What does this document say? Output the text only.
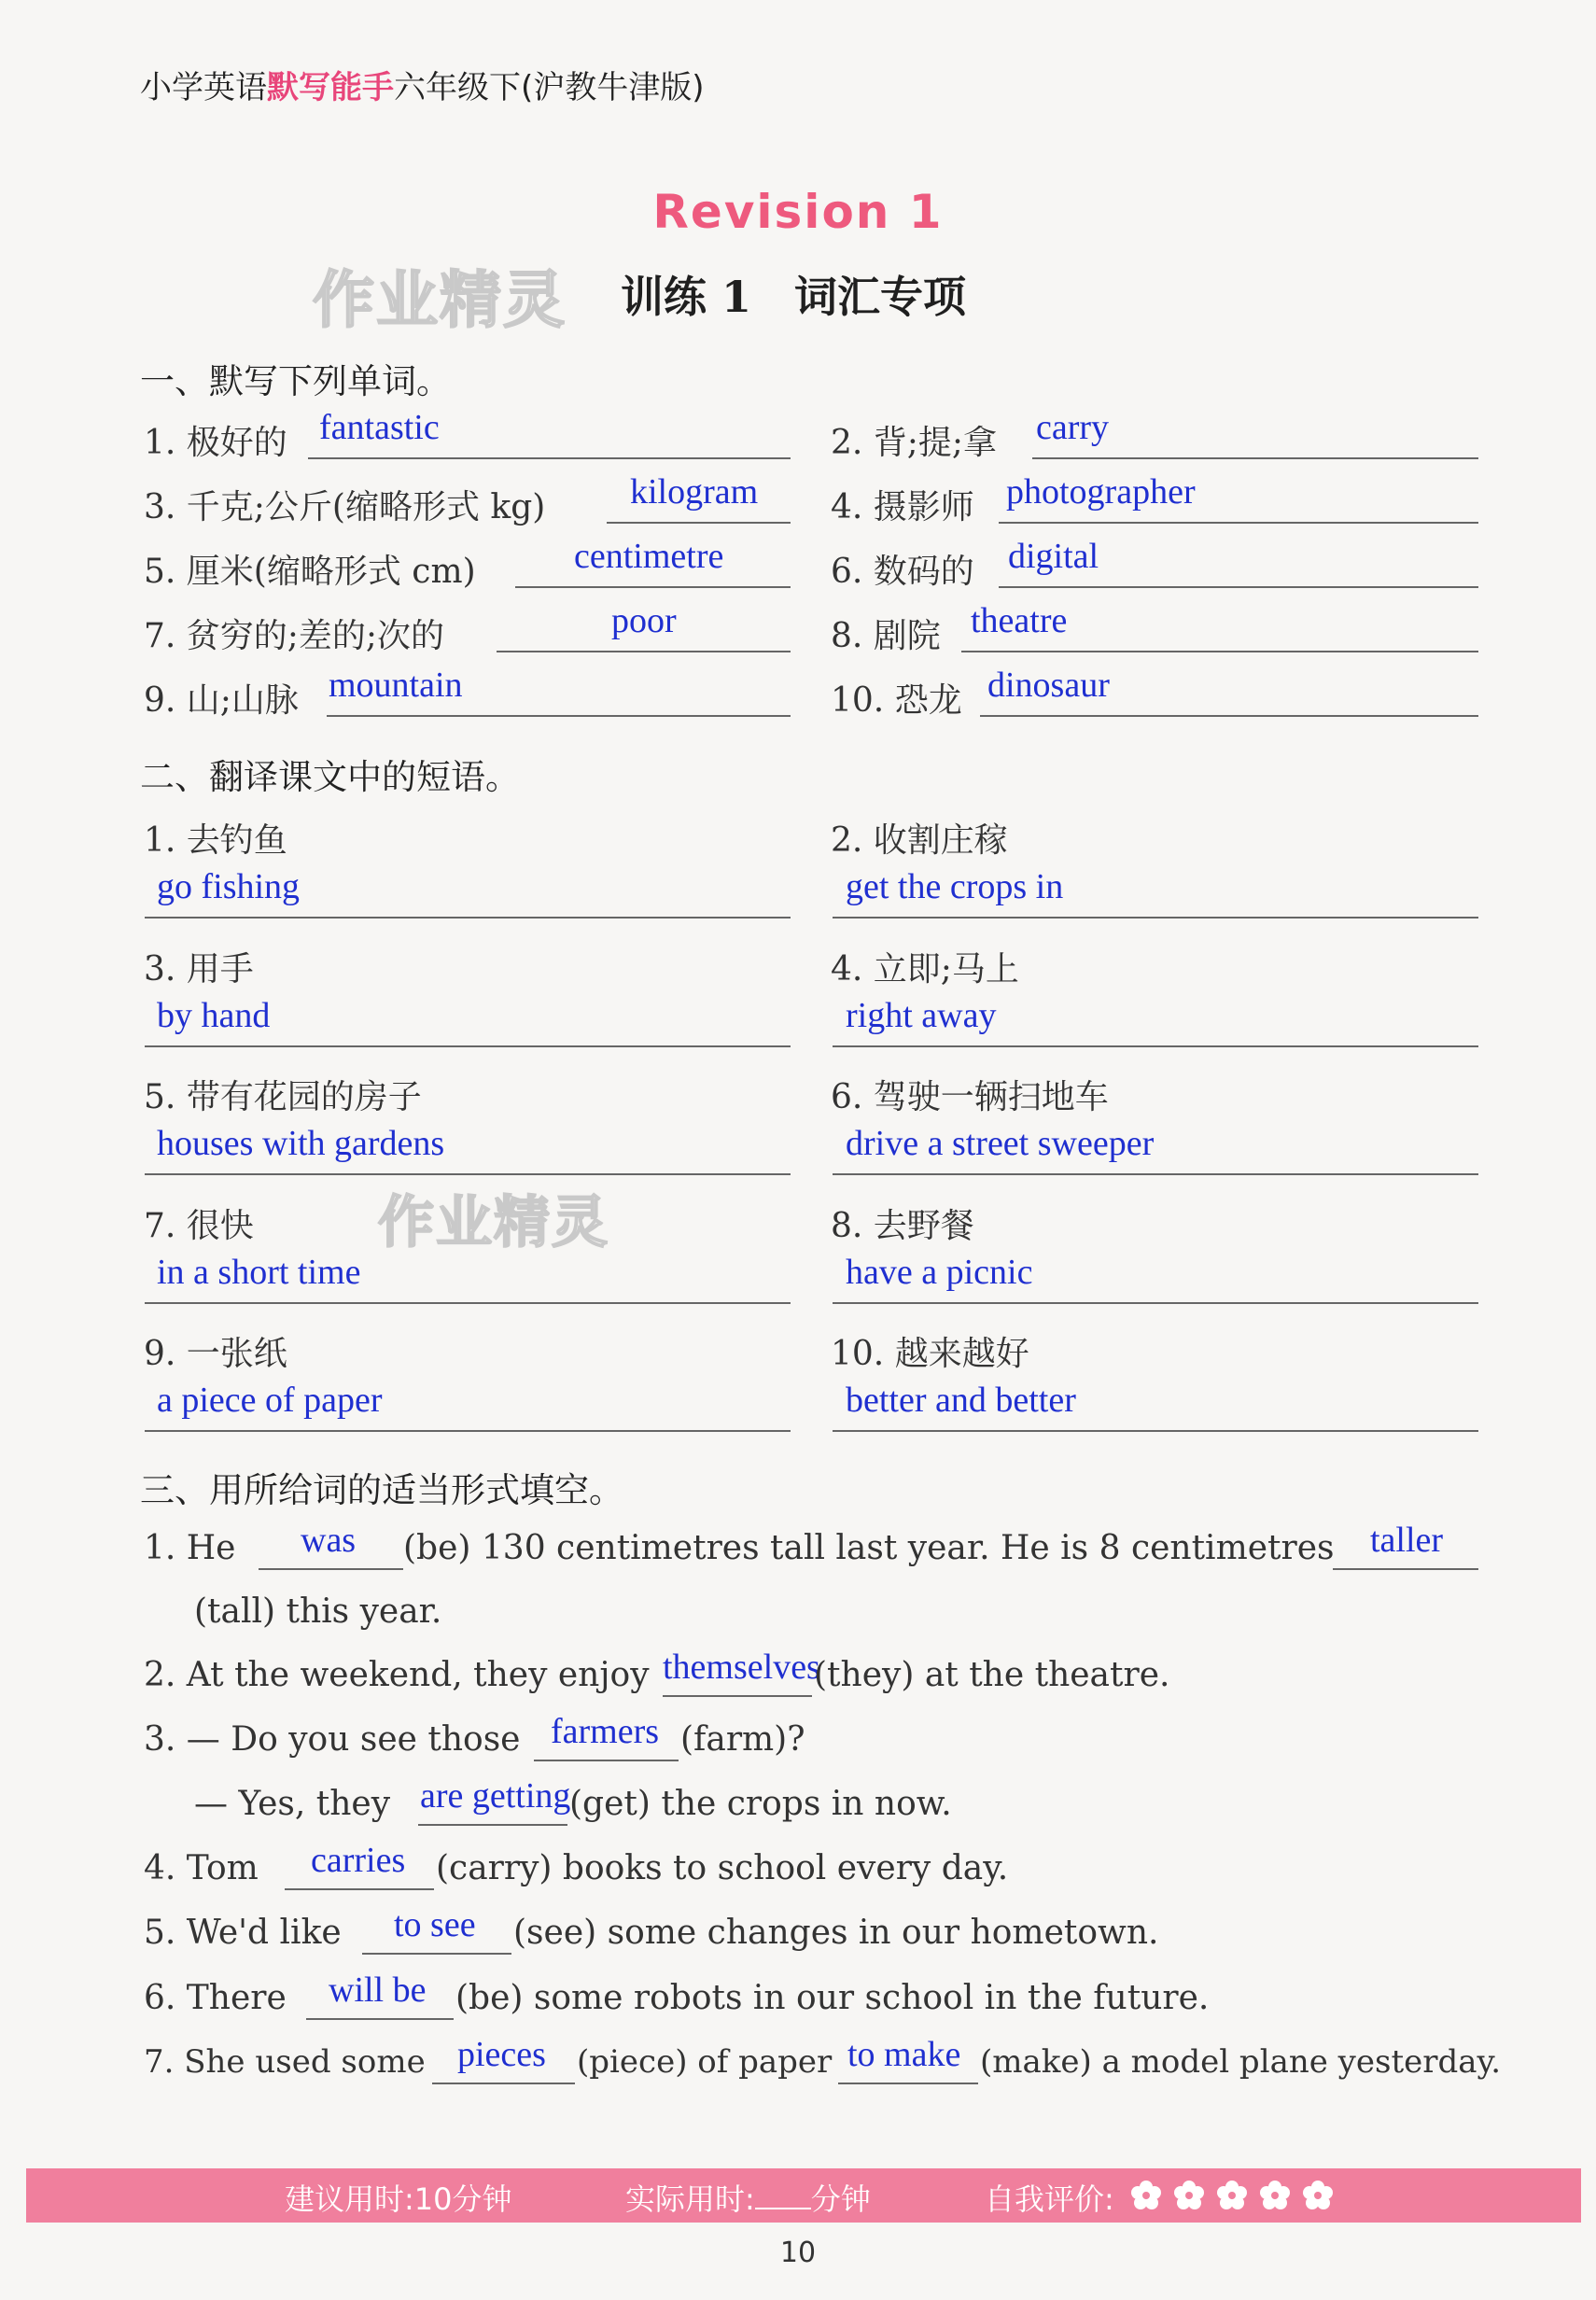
小学英语默写能手六年级下(沪教牛津版)
Revision 1
作业精灵 训练 1　词汇专项
一、默写下列单词。
1. 极好的 fantastic	2. 背;提;拿 carry
3. 千克;公斤(缩略形式 kg) kilogram 4. 摄影师 photographer
5. 厘米(缩略形式 cm)	centimetre	6. 数码的 digital
7. 贫穷的;差的;次的	poor	8. 剧院 theatre
9. 山;山脉 mountain	10. 恐龙 dinosaur
二、翻译课文中的短语。
1. 去钓鱼
go fishing
2. 收割庄稼
get the crops in
3. 用手
by hand
4. 立即;马上
right away
5. 带有花园的房子
houses with gardens
6. 驾驶一辆扫地车
drive a street sweeper
7. 很快 作业精灵
in a short time
8. 去野餐
have a picnic
9. 一张纸
a piece of paper
10. 越来越好
better and better
三、用所给词的适当形式填空。
1. He was (be) 130 centimetres tall last year. He is 8 centimetres taller
(tall) this year.
2. At the weekend, they enjoy themselves
(they) at the theatre.
3. — Do you see those farmers (farm)?
— Yes, they are getting
(get) the crops in now.
4. Tom carries (carry) books to school every day.
5. We'd like to see (see) some changes in our hometown.
6. There will be (be) some robots in our school in the future.
7. She used some pieces (piece) of paper to make (make) a model plane yesterday.
建议用时:10分钟	实际用时: 分钟	自我评价:
10
